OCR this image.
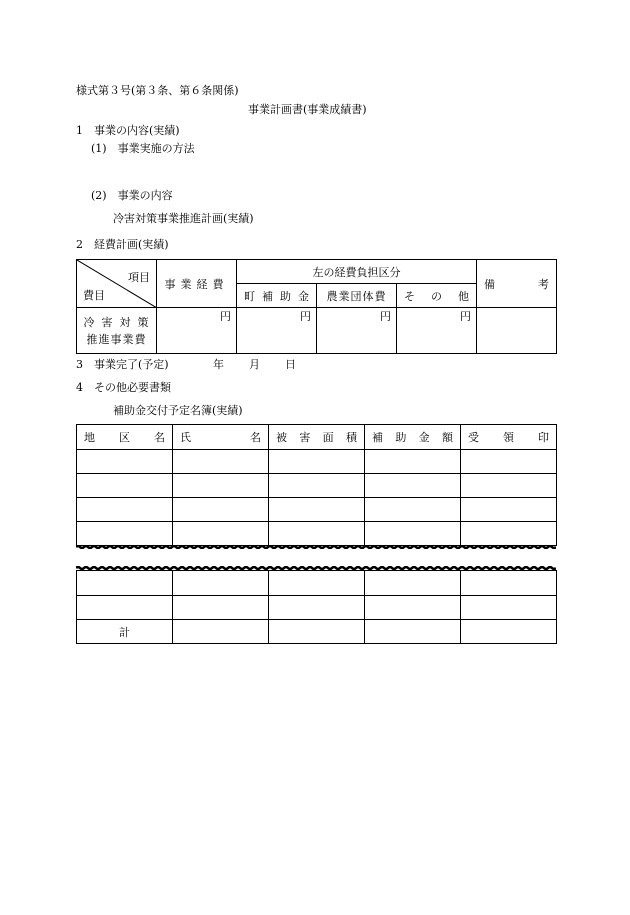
様式第３号(第３条、第６条関係)
事業計画書(事業成績書)
1　事業の内容(実績)
(1)　事業実施の方法
(2)　事業の内容
冷害対策事業推進計画(実績)
2　経費計画(実績)
項目
費目	事業経費	左の経費負担区分			備 考

		町 補 助 金	農業団体費	そ の 他	

冷害対策
推進事業費	円	円	円	円	
3　事業完了(予定)	年 月 日
4　その他必要書類
補助金交付予定名簿(実績)
地 区 名	氏 名	被 害 面 積	補 助 金 額	受 領 印

計				
